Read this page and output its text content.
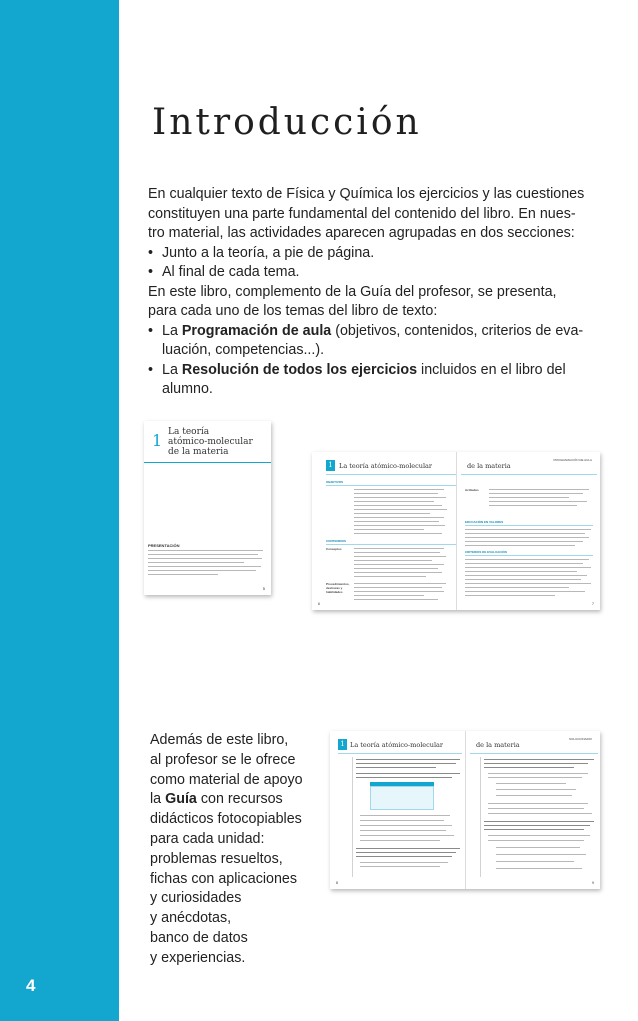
4
Introducción

En cualquier texto de Física y Química los ejercicios y las cuestiones
constituyen una parte fundamental del contenido del libro. En nues-
tro material, las actividades aparecen agrupadas en dos secciones:

• Junto a la teoría, a pie de página.
• Al final de cada tema.

En este libro, complemento de la Guía del profesor, se presenta,
para cada uno de los temas del libro de texto:

• La Programación de aula (objetivos, contenidos, criterios de eva-
luación, competencias...).
• La Resolución de todos los ejercicios incluidos en el libro del
alumno.
1 La teoría
atómico-molecular
de la materia
PRESENTACIÓN
5
1 La teoría atómico-molecular
OBJETIVOS
CONTENIDOS
Conceptos
Procedimientos, destrezas y habilidades
6
de la materia
PROGRAMACIÓN DE AULA
Actitudes
EDUCACIÓN EN VALORES
CRITERIOS DE EVALUACIÓN
7
1 La teoría atómico-molecular
8
de la materia
SOLUCIONARIO
9
Además de este libro,
al profesor se le ofrece
como material de apoyo
la Guía con recursos
didácticos fotocopiables
para cada unidad:
problemas resueltos,
fichas con aplicaciones
y curiosidades
y anécdotas,
banco de datos
y experiencias.
